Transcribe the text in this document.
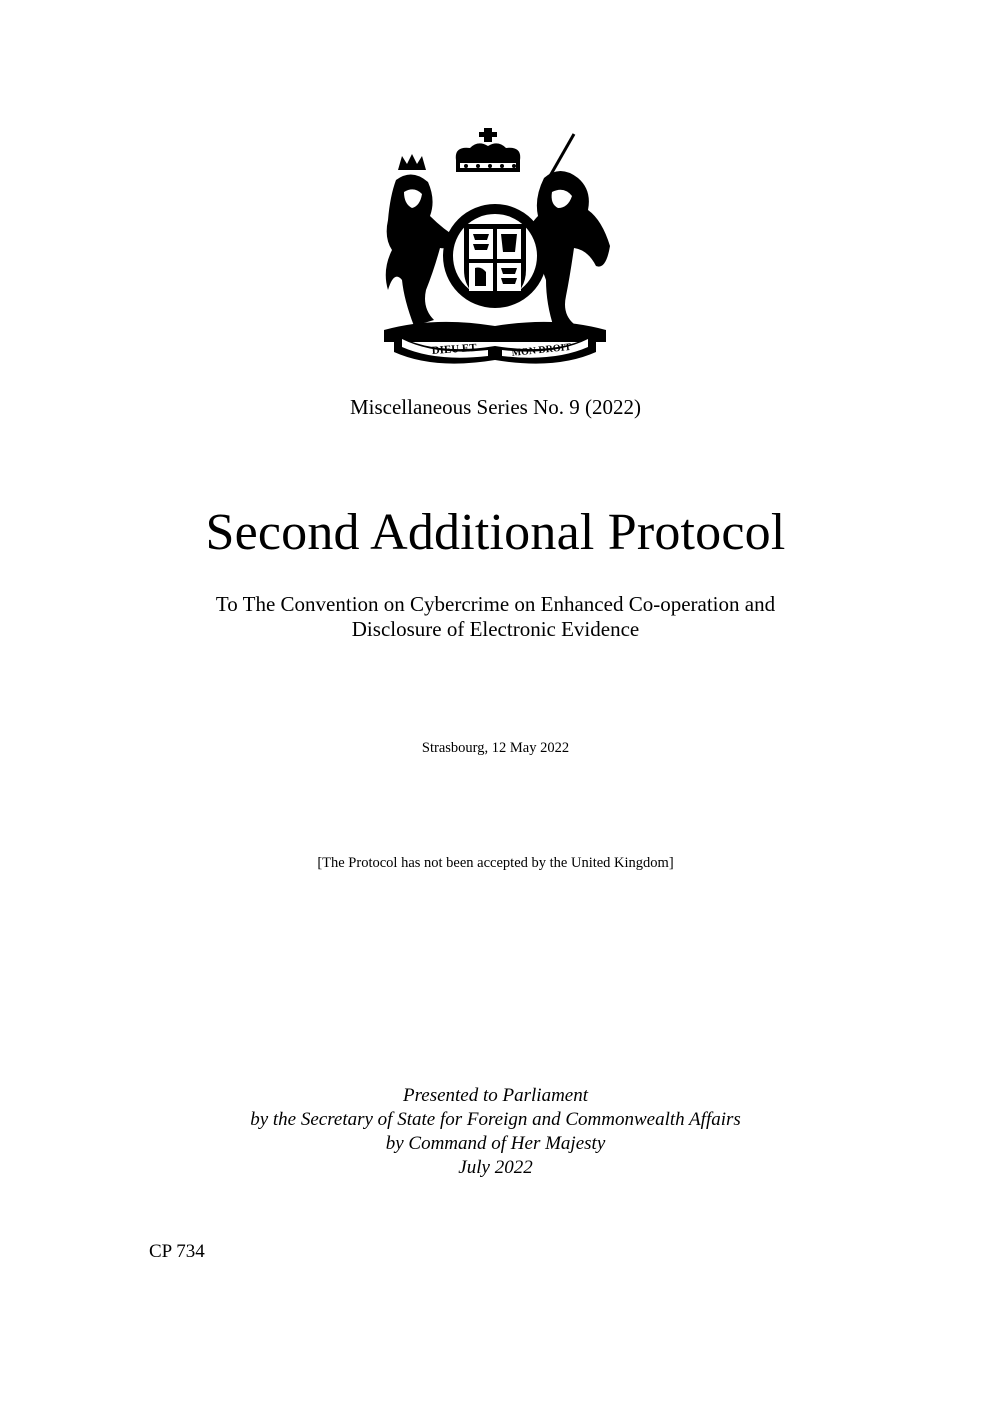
DIEU ET	MON DROIT
Miscellaneous Series No. 9 (2022)
Second Additional Protocol
To The Convention on Cybercrime on Enhanced Co-operation and
Disclosure of Electronic Evidence
Strasbourg, 12 May 2022
[The Protocol has not been accepted by the United Kingdom]
Presented to Parliament
by the Secretary of State for Foreign and Commonwealth Affairs
by Command of Her Majesty
July 2022
CP 734
